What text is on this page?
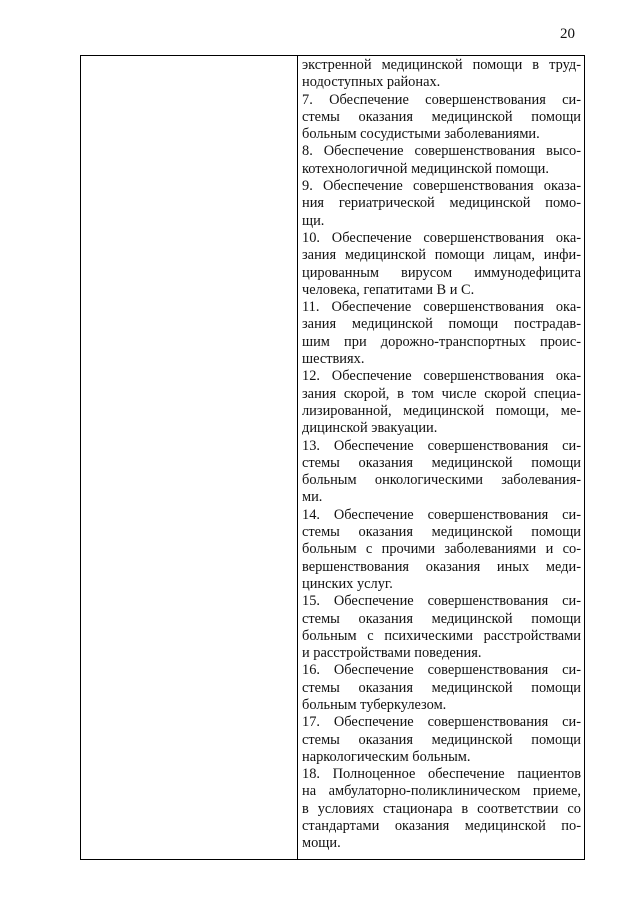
20
экстренной медицинской помощи в труд-
нодоступных районах.
7. Обеспечение совершенствования си-
стемы оказания медицинской помощи
больным сосудистыми заболеваниями.
8. Обеспечение совершенствования высо-
котехнологичной медицинской помощи.
9. Обеспечение совершенствования оказа-
ния гериатрической медицинской помо-
щи.
10. Обеспечение совершенствования ока-
зания медицинской помощи лицам, инфи-
цированным вирусом иммунодефицита
человека, гепатитами В и С.
11. Обеспечение совершенствования ока-
зания медицинской помощи пострадав-
шим при дорожно-транспортных проис-
шествиях.
12. Обеспечение совершенствования ока-
зания скорой, в том числе скорой специа-
лизированной, медицинской помощи, ме-
дицинской эвакуации.
13. Обеспечение совершенствования си-
стемы оказания медицинской помощи
больным онкологическими заболевания-
ми.
14. Обеспечение совершенствования си-
стемы оказания медицинской помощи
больным с прочими заболеваниями и со-
вершенствования оказания иных меди-
цинских услуг.
15. Обеспечение совершенствования си-
стемы оказания медицинской помощи
больным с психическими расстройствами
и расстройствами поведения.
16. Обеспечение совершенствования си-
стемы оказания медицинской помощи
больным туберкулезом.
17. Обеспечение совершенствования си-
стемы оказания медицинской помощи
наркологическим больным.
18. Полноценное обеспечение пациентов
на амбулаторно-поликлиническом приеме,
в условиях стационара в соответствии со
стандартами оказания медицинской по-
мощи.
